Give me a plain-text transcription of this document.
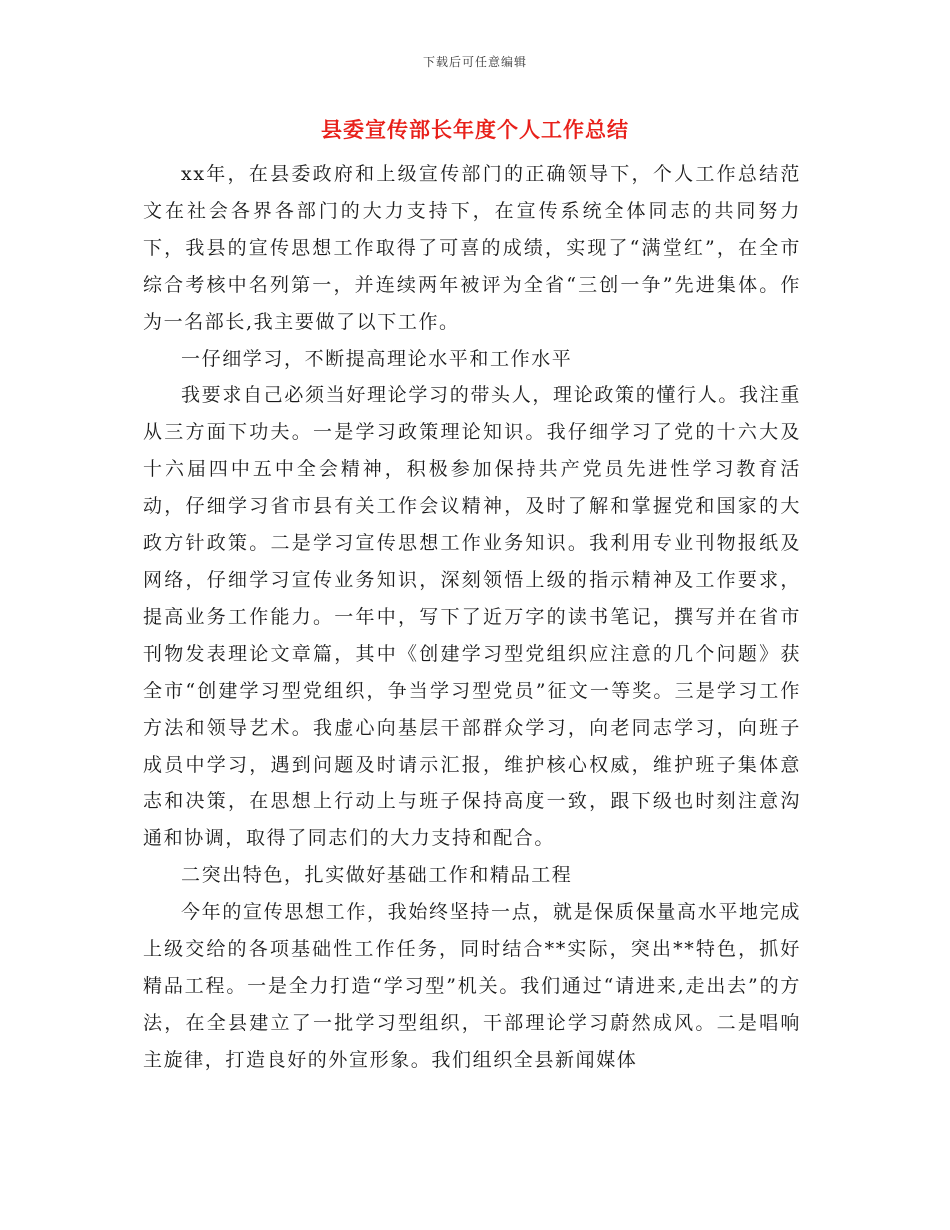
下载后可任意编辑
县委宣传部长年度个人工作总结

xx年，在县委政府和上级宣传部门的正确领导下，个人工作总结范文在社会各界各部门的大力支持下，在宣传系统全体同志的共同努力下，我县的宣传思想工作取得了可喜的成绩，实现了“满堂红”，在全市综合考核中名列第一，并连续两年被评为全省“三创一争”先进集体。作为一名部长,我主要做了以下工作。

一仔细学习，不断提高理论水平和工作水平

我要求自己必须当好理论学习的带头人，理论政策的懂行人。我注重从三方面下功夫。一是学习政策理论知识。我仔细学习了党的十六大及十六届四中五中全会精神，积极参加保持共产党员先进性学习教育活动，仔细学习省市县有关工作会议精神，及时了解和掌握党和国家的大政方针政策。二是学习宣传思想工作业务知识。我利用专业刊物报纸及网络，仔细学习宣传业务知识，深刻领悟上级的指示精神及工作要求，提高业务工作能力。一年中，写下了近万字的读书笔记，撰写并在省市刊物发表理论文章篇，其中《创建学习型党组织应注意的几个问题》获全市“创建学习型党组织，争当学习型党员”征文一等奖。三是学习工作方法和领导艺术。我虚心向基层干部群众学习，向老同志学习，向班子成员中学习，遇到问题及时请示汇报，维护核心权威，维护班子集体意志和决策，在思想上行动上与班子保持高度一致，跟下级也时刻注意沟通和协调，取得了同志们的大力支持和配合。

二突出特色，扎实做好基础工作和精品工程

今年的宣传思想工作，我始终坚持一点，就是保质保量高水平地完成上级交给的各项基础性工作任务，同时结合**实际，突出**特色，抓好精品工程。一是全力打造“学习型”机关。我们通过“请进来,走出去”的方法，在全县建立了一批学习型组织，干部理论学习蔚然成风。二是唱响主旋律，打造良好的外宣形象。我们组织全县新闻媒体
